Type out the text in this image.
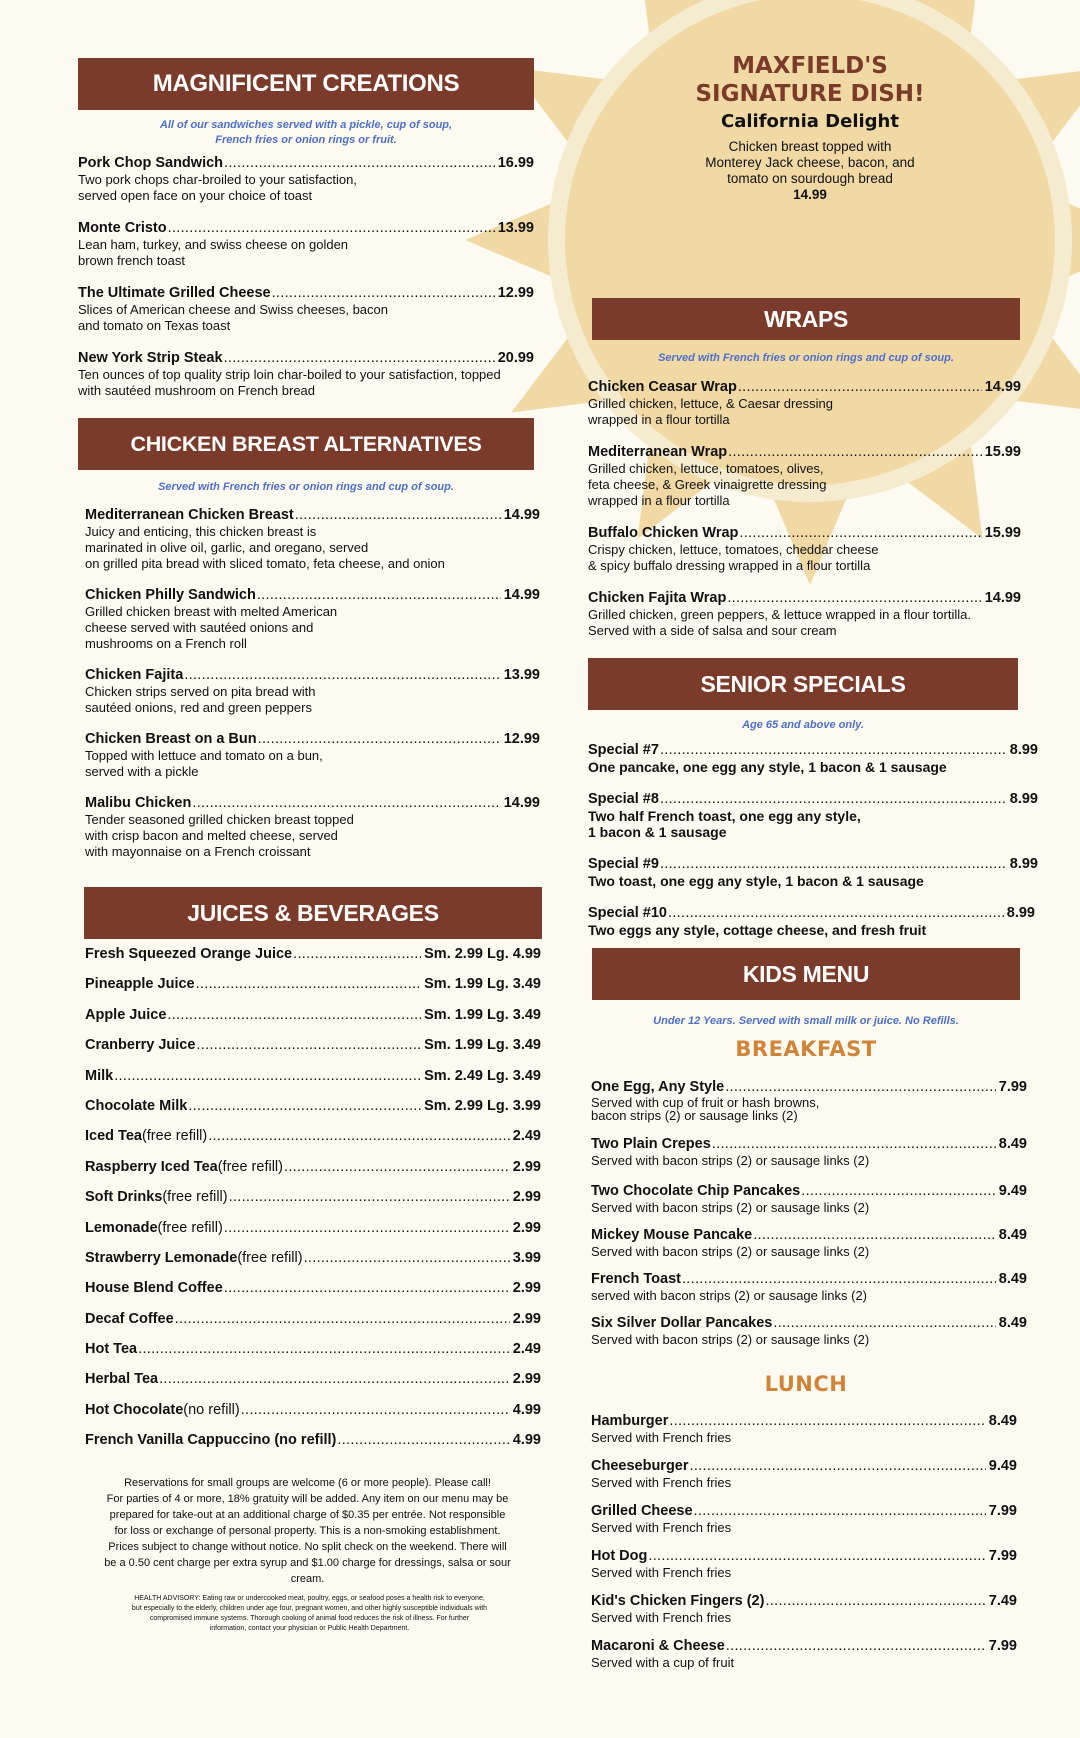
MAXFIELD'S
SIGNATURE DISH!
California Delight
Chicken breast topped with
Monterey Jack cheese, bacon, and
tomato on sourdough bread
14.99
MAGNIFICENT CREATIONS
All of our sandwiches served with a pickle, cup of soup,
French fries or onion rings or fruit.
Pork Chop Sandwich .....	16.99
Two pork chops char-broiled to your satisfaction,
served open face on your choice of toast
Monte Cristo .....	13.99
Lean ham, turkey, and swiss cheese on golden
brown french toast
The Ultimate Grilled Cheese .....	12.99
Slices of American cheese and Swiss cheeses, bacon
and tomato on Texas toast
New York Strip Steak .....	20.99
Ten ounces of top quality strip loin char-boiled to your satisfaction, topped
with sautéed mushroom on French bread
CHICKEN BREAST ALTERNATIVES
Served with French fries or onion rings and cup of soup.
Mediterranean Chicken Breast .....	14.99
Juicy and enticing, this chicken breast is
marinated in olive oil, garlic, and oregano, served
on grilled pita bread with sliced tomato, feta cheese, and onion
Chicken Philly Sandwich .....	14.99
Grilled chicken breast with melted American
cheese served with sautéed onions and
mushrooms on a French roll
Chicken Fajita .....	13.99
Chicken strips served on pita bread with
sautéed onions, red and green peppers
Chicken Breast on a Bun .....	12.99
Topped with lettuce and tomato on a bun,
served with a pickle
Malibu Chicken .....	14.99
Tender seasoned grilled chicken breast topped
with crisp bacon and melted cheese, served
with mayonnaise on a French croissant
JUICES & BEVERAGES
Fresh Squeezed Orange Juice .....	Sm. 2.99 Lg. 4.99
Pineapple Juice .....	Sm. 1.99 Lg. 3.49
Apple Juice .....	Sm. 1.99 Lg. 3.49
Cranberry Juice .....	Sm. 1.99 Lg. 3.49
Milk .....	Sm. 2.49 Lg. 3.49
Chocolate Milk .....	Sm. 2.99 Lg. 3.99
Iced Tea (free refill) .....	2.49
Raspberry Iced Tea (free refill) .....	2.99
Soft Drinks (free refill) .....	2.99
Lemonade (free refill) .....	2.99
Strawberry Lemonade (free refill) .....	3.99
House Blend Coffee .....	2.99
Decaf Coffee .....	2.99
Hot Tea .....	2.49
Herbal Tea .....	2.99
Hot Chocolate (no refill) .....	4.99
French Vanilla Cappuccino (no refill) .....	4.99
Reservations for small groups are welcome (6 or more people). Please call!
For parties of 4 or more, 18% gratuity will be added. Any item on our menu may be
prepared for take-out at an additional charge of $0.35 per entrée. Not responsible
for loss or exchange of personal property. This is a non-smoking establishment.
Prices subject to change without notice. No split check on the weekend. There will
be a 0.50 cent charge per extra syrup and $1.00 charge for dressings, salsa or sour
cream.
HEALTH ADVISORY: Eating raw or undercooked meat, poultry, eggs, or seafood poses a health risk to everyone,
but especially to the elderly, children under age four, pregnant women, and other highly susceptible individuals with
compromised immune systems. Thorough cooking of animal food reduces the risk of illness. For further
information, contact your physician or Public Health Department.
WRAPS
Served with French fries or onion rings and cup of soup.
Chicken Ceasar Wrap .....	14.99
Grilled chicken, lettuce, & Caesar dressing
wrapped in a flour tortilla
Mediterranean Wrap .....	15.99
Grilled chicken, lettuce, tomatoes, olives,
feta cheese, & Greek vinaigrette dressing
wrapped in a flour tortilla
Buffalo Chicken Wrap .....	15.99
Crispy chicken, lettuce, tomatoes, cheddar cheese
& spicy buffalo dressing wrapped in a flour tortilla
Chicken Fajita Wrap .....	14.99
Grilled chicken, green peppers, & lettuce wrapped in a flour tortilla.
Served with a side of salsa and sour cream
SENIOR SPECIALS
Age 65 and above only.
Special #7 .....	8.99
One pancake, one egg any style, 1 bacon & 1 sausage
Special #8 .....	8.99
Two half French toast, one egg any style,
1 bacon & 1 sausage
Special #9 .....	8.99
Two toast, one egg any style, 1 bacon & 1 sausage
Special #10 .....	8.99
Two eggs any style, cottage cheese, and fresh fruit
KIDS MENU
Under 12 Years. Served with small milk or juice. No Refills.
BREAKFAST
One Egg, Any Style .....	7.99
Served with cup of fruit or hash browns,
bacon strips (2) or sausage links (2)
Two Plain Crepes .....	8.49
Served with bacon strips (2) or sausage links (2)
Two Chocolate Chip Pancakes .....	9.49
Served with bacon strips (2) or sausage links (2)
Mickey Mouse Pancake .....	8.49
Served with bacon strips (2) or sausage links (2)
French Toast .....	8.49
served with bacon strips (2) or sausage links (2)
Six Silver Dollar Pancakes .....	8.49
Served with bacon strips (2) or sausage links (2)
LUNCH
Hamburger .....	8.49
Served with French fries
Cheeseburger .....	9.49
Served with French fries
Grilled Cheese .....	7.99
Served with French fries
Hot Dog .....	7.99
Served with French fries
Kid's Chicken Fingers (2) .....	7.49
Served with French fries
Macaroni & Cheese .....	7.99
Served with a cup of fruit
